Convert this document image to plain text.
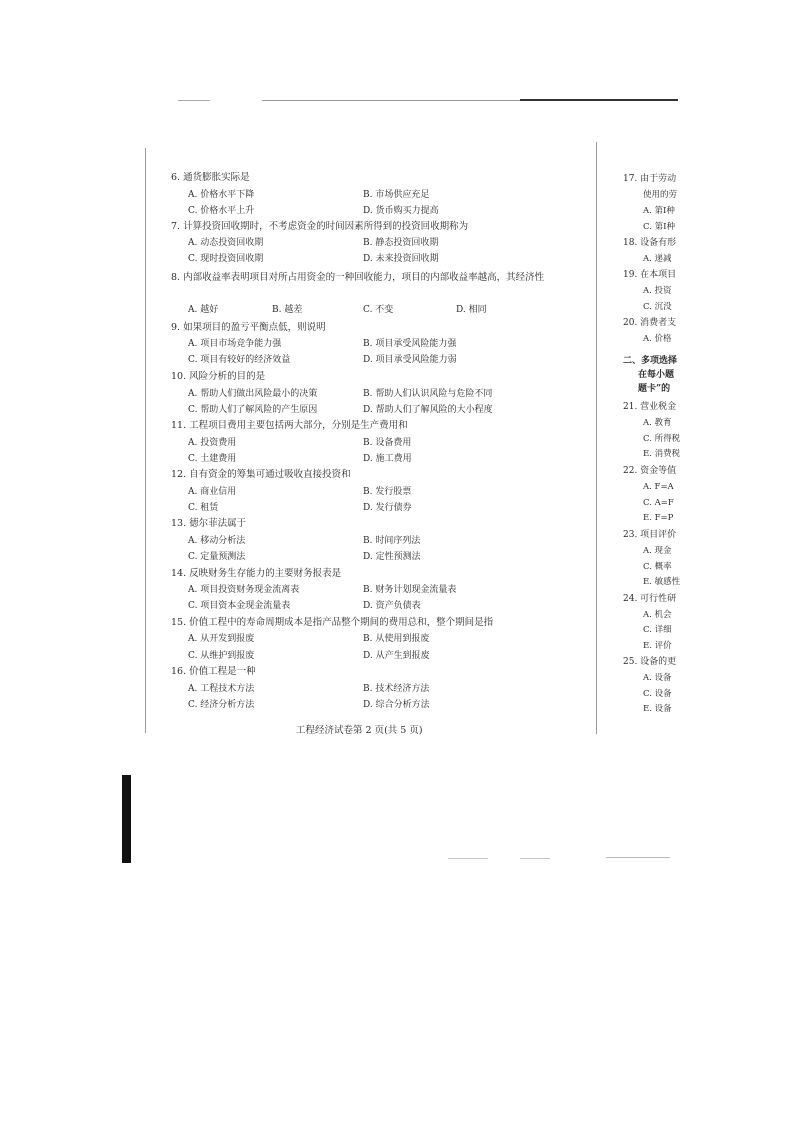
6. 通货膨胀实际是
A. 价格水平下降	B. 市场供应充足
C. 价格水平上升	D. 货币购买力提高
7. 计算投资回收期时，不考虑资金的时间因素所得到的投资回收期称为
A. 动态投资回收期	B. 静态投资回收期
C. 现时投资回收期	D. 未来投资回收期
8. 内部收益率表明项目对所占用资金的一种回收能力，项目的内部收益率越高，其经济性
A. 越好	B. 越差	C. 不变	D. 相同
9. 如果项目的盈亏平衡点低，则说明
A. 项目市场竞争能力强	B. 项目承受风险能力强
C. 项目有较好的经济效益	D. 项目承受风险能力弱
10. 风险分析的目的是
A. 帮助人们做出风险最小的决策	B. 帮助人们认识风险与危险不同
C. 帮助人们了解风险的产生原因	D. 帮助人们了解风险的大小程度
11. 工程项目费用主要包括两大部分，分别是生产费用和
A. 投资费用	B. 设备费用
C. 土建费用	D. 施工费用
12. 自有资金的筹集可通过吸收直接投资和
A. 商业信用	B. 发行股票
C. 租赁	D. 发行债券
13. 德尔菲法属于
A. 移动分析法	B. 时间序列法
C. 定量预测法	D. 定性预测法
14. 反映财务生存能力的主要财务报表是
A. 项目投资财务现金流离表	B. 财务计划现金流量表
C. 项目资本金现金流量表	D. 资产负债表
15. 价值工程中的寿命周期成本是指产品整个期间的费用总和，整个期间是指
A. 从开发到报废	B. 从使用到报废
C. 从维护到报废	D. 从产生到报废
16. 价值工程是一种
A. 工程技术方法	B. 技术经济方法
C. 经济分析方法	D. 综合分析方法
工程经济试卷第 2 页(共 5 页)
17. 由于劳动
使用的劳
A. 第Ⅰ种
C. 第Ⅰ种
18. 设备有形
A. 递减
19. 在本项目
A. 投资
C. 沉没
20. 消费者支
A. 价格
二、多项选择
在每小题
题卡”的
21. 营业税金
A. 教育
C. 所得税
E. 消费税
22. 资金等值
A. F=A
C. A=F
E. F=P
23. 项目评价
A. 现金
C. 概率
E. 敏感性
24. 可行性研
A. 机会
C. 详细
E. 评价
25. 设备的更
A. 设备
C. 设备
E. 设备
